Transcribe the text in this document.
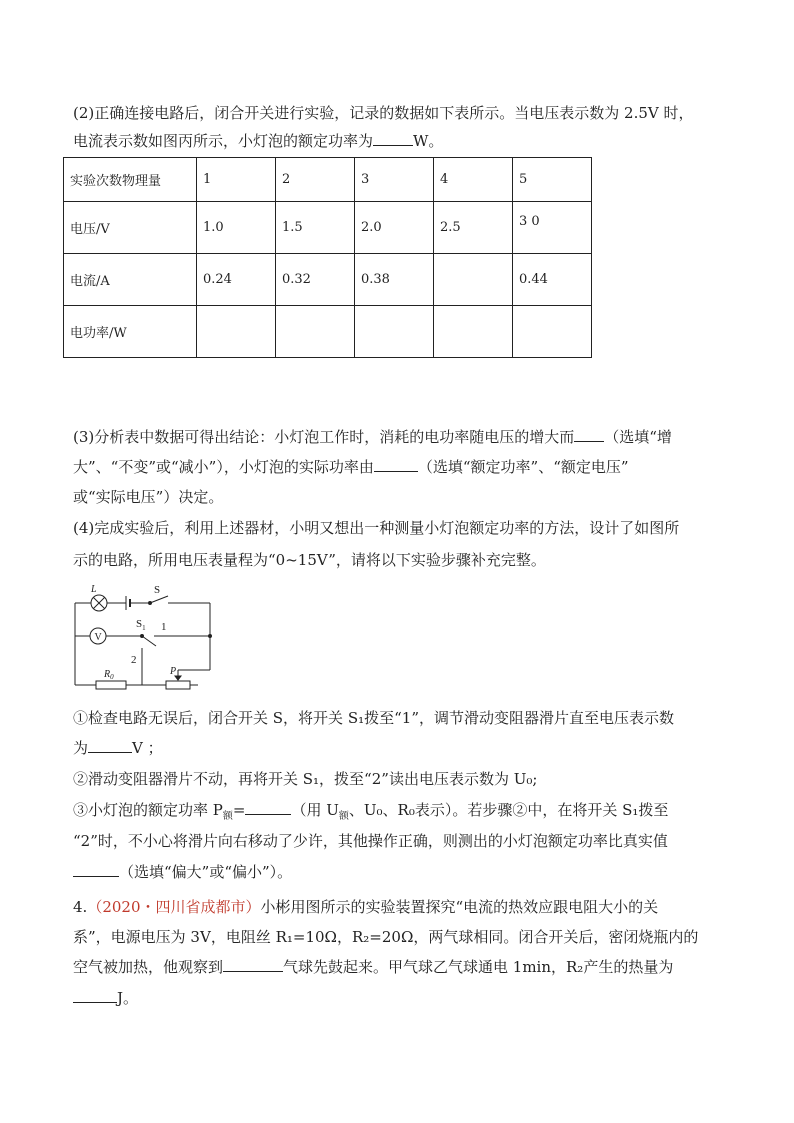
(2)正确连接电路后，闭合开关进行实验，记录的数据如下表所示。当电压表示数为 2.5V 时，
电流表示数如图丙所示，小灯泡的额定功率为	W。
实验次数物理量	1	2	3	4	5
电压/V	1.0	1.5	2.0	2.5	3 0
电流/A	0.24	0.32	0.38		0.44
电功率/W					
(3)分析表中数据可得出结论：小灯泡工作时，消耗的电功率随电压的增大而 （选填“增
大”、“不变”或“减小”），小灯泡的实际功率由	（选填“额定功率”、“额定电压”
或“实际电压”）决定。
(4)完成实验后，利用上述器材，小明又想出一种测量小灯泡额定功率的方法，设计了如图所
示的电路，所用电压表量程为“0~15V”，请将以下实验步骤补充完整。
L	S
V
$S_1$ 1
2
$R_0$	P
①检查电路无误后，闭合开关 S，将开关 S₁拨至“1”，调节滑动变阻器滑片直至电压表示数
为	V ；
②滑动变阻器滑片不动，再将开关 S₁，拨至“2”读出电压表示数为 U₀;
③小灯泡的额定功率 $P_额=$	（用 $U_额$、U₀、R₀表示）。若步骤②中，在将开关 S₁拨至
“2”时，不小心将滑片向右移动了少许，其他操作正确，则测出的小灯泡额定功率比真实值
（选填“偏大”或“偏小”）。
4.（2020・四川省成都市）小彬用图所示的实验装置探究“电流的热效应跟电阻大小的关
系”，电源电压为 3V，电阻丝 R₁=10Ω，R₂=20Ω，两气球相同。闭合开关后，密闭烧瓶内的
空气被加热，他观察到	气球先鼓起来。甲气球乙气球通电 1min，R₂产生的热量为
J。
